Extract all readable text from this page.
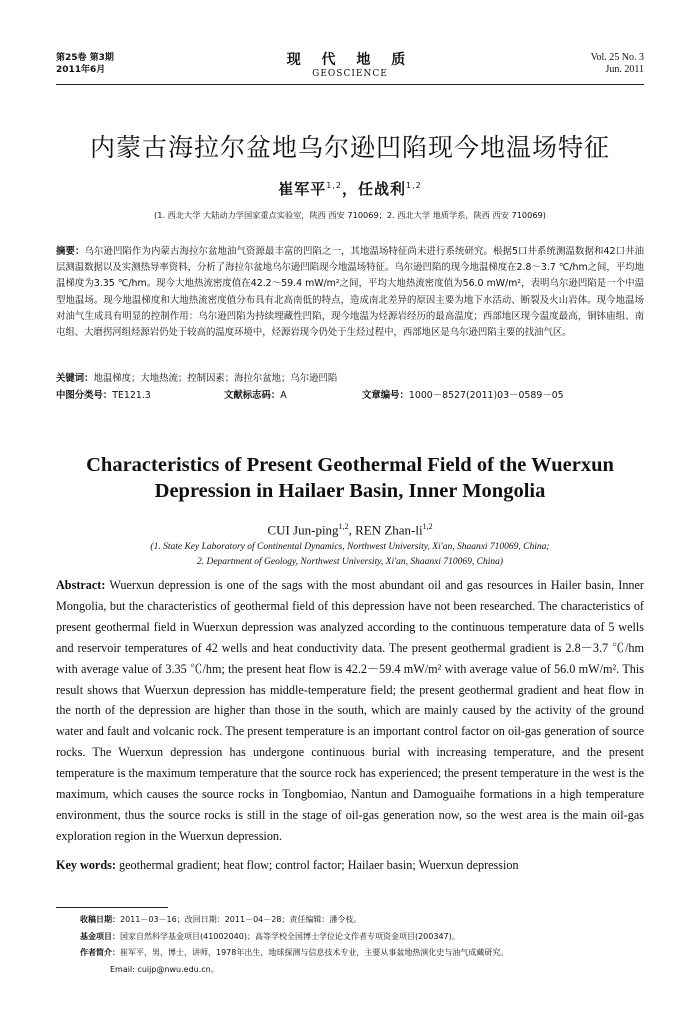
第25卷 第3期
2011年6月
现 代 地 质
GEOSCIENCE
Vol. 25 No. 3
Jun. 2011
内蒙古海拉尔盆地乌尔逊凹陷现今地温场特征
崔军平$^{1,2}$，任战利$^{1,2}$
(1. 西北大学 大陆动力学国家重点实验室，陕西 西安 710069；2. 西北大学 地质学系，陕西 西安 710069)
摘要：乌尔逊凹陷作为内蒙古海拉尔盆地油气资源最丰富的凹陷之一，其地温场特征尚未进行系统研究。根据5口井系统测温数据和42口井油层测温数据以及实测热导率资料，分析了海拉尔盆地乌尔逊凹陷现今地温场特征。乌尔逊凹陷的现今地温梯度在2.8～3.7 ℃/hm之间，平均地温梯度为3.35 ℃/hm。现今大地热流密度值在42.2～59.4 mW/m²之间，平均大地热流密度值为56.0 mW/m²，表明乌尔逊凹陷是一个中温型地温场。现今地温梯度和大地热流密度值分布具有北高南低的特点，造成南北差异的原因主要为地下水活动、断裂及火山岩体。现今地温场对油气生成具有明显的控制作用：乌尔逊凹陷为持续埋藏性凹陷，现今地温为烃源岩经历的最高温度；西部地区现今温度最高，铜钵庙组、南屯组、大磨拐河组烃源岩仍处于较高的温度环境中，烃源岩现今仍处于生烃过程中，西部地区是乌尔逊凹陷主要的找油气区。
关键词：地温梯度；大地热流；控制因素；海拉尔盆地；乌尔逊凹陷
中图分类号：TE121.3	文献标志码：A	文章编号：1000－8527(2011)03－0589－05
Characteristics of Present Geothermal Field of the Wuerxun Depression in Hailaer Basin, Inner Mongolia
CUI Jun-ping$^{1,2}$, REN Zhan-li$^{1,2}$
(1. State Key Laboratory of Continental Dynamics, Northwest University, Xi'an, Shaanxi 710069, China;
2. Department of Geology, Northwest University, Xi'an, Shaanxi 710069, China)
Abstract: Wuerxun depression is one of the sags with the most abundant oil and gas resources in Hailer basin, Inner Mongolia, but the characteristics of geothermal field of this depression have not been researched. The characteristics of present geothermal field in Wuerxun depression was analyzed according to the continuous temperature data of 5 wells and reservoir temperatures of 42 wells and heat conductivity data. The present geothermal gradient is 2.8－3.7 ℃/hm with average value of 3.35 ℃/hm; the present heat flow is 42.2－59.4 mW/m² with average value of 56.0 mW/m². This result shows that Wuerxun depression has middle-temperature field; the present geothermal gradient and heat flow in the north of the depression are higher than those in the south, which are mainly caused by the activity of the ground water and fault and volcanic rock. The present temperature is an important control factor on oil-gas generation of source rocks. The Wuerxun depression has undergone continuous burial with increasing temperature, and the present temperature is the maximum temperature that the source rock has experienced; the present temperature in the west is the maximum, which causes the source rocks in Tongbomiao, Nantun and Damoguaihe formations in a high temperature environment, thus the source rocks is still in the stage of oil-gas generation now, so the west area is the main oil-gas exploration region in the Wuerxun depression.
Key words: geothermal gradient; heat flow; control factor; Hailaer basin; Wuerxun depression
收稿日期：2011－03－16；改回日期：2011－04－28；责任编辑：潘令枝。
基金项目：国家自然科学基金项目(41002040)；高等学校全国博士学位论文作者专项资金项目(200347)。
作者简介：崔军平，男，博士，讲师，1978年出生，地球探测与信息技术专业，主要从事盆地热演化史与油气成藏研究。
Email: cuijp@nwu.edu.cn。
